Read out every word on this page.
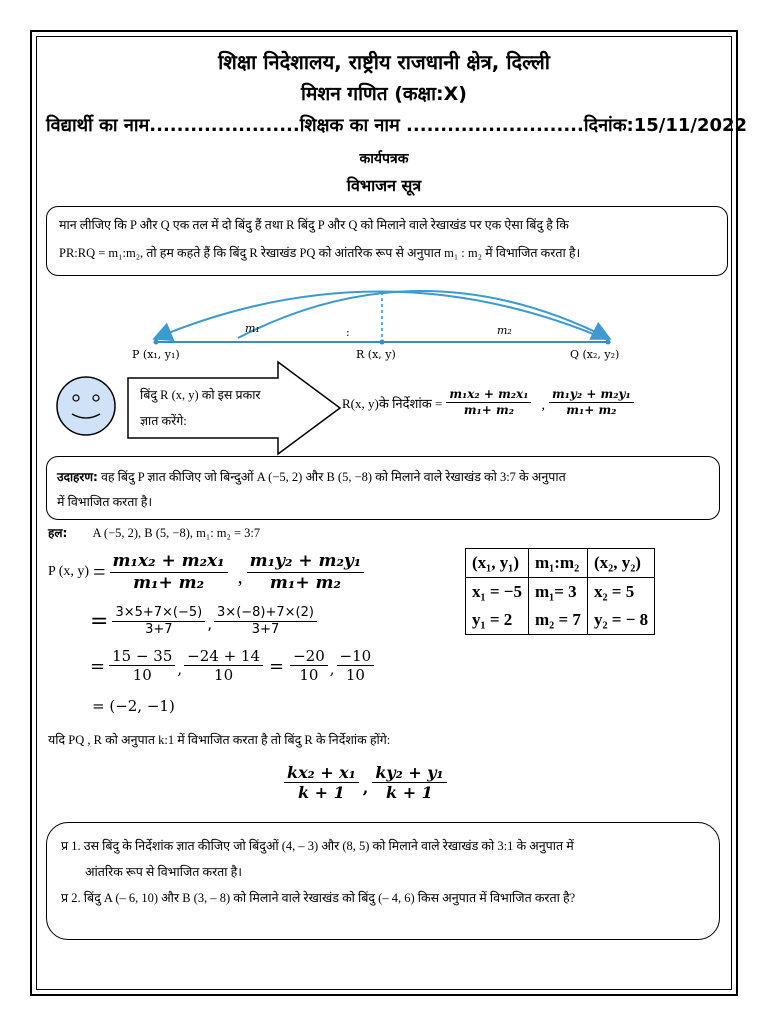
शिक्षा निदेशालय, राष्ट्रीय राजधानी क्षेत्र, दिल्ली
मिशन गणित (कक्षा:X)
विद्यार्थी का नाम...................... शिक्षक का नाम .......................... दिनांक:15/11/2022
कार्यपत्रक
विभाजन सूत्र
मान लीजिए कि P और Q एक तल में दो बिंदु हैं तथा R बिंदु P और Q को मिलाने वाले रेखाखंड पर एक ऐसा बिंदु है कि
PR:RQ = m₁:m₂, तो हम कहते हैं कि बिंदु R रेखाखंड PQ को आंतरिक रूप से अनुपात m₁ : m₂ में विभाजित करता है।
m₁	:	m₂
P (x₁, y₁)	R (x, y)	Q (x₂, y₂)
बिंदु R (x, y) को इस प्रकार
ज्ञात करेंगे:
R(x, y)के निर्देशांक = $\frac{\text{m₁x₂ + m₂x₁}}{\text{m₁+ m₂}}$ , $\frac{\text{m₁y₂ + m₂y₁}}{\text{m₁+ m₂}}$
उदाहरण: वह बिंदु P ज्ञात कीजिए जो बिन्दुओं A (−5, 2) और B (5, −8) को मिलाने वाले रेखाखंड को 3:7 के अनुपात
में विभाजित करता है।
हल: A (−5, 2), B (5, −8), m₁: m₂ = 3:7
P (x, $y) = \frac{\text{m₁x₂ + m₂x₁}}{\text{m₁+ m₂}}$ , $\frac{\text{m₁y₂ + m₂y₁}}{\text{m₁+ m₂}}$
= $\frac{3\times 5+7\times(-5)}{3+7}$ , $\frac{3\times(-8)+7\times(2)}{3+7}$
= $\frac{15 - 35}{10}$ , $\frac{-24 + 14}{10} = \frac{-20}{10}$ , $\frac{-10}{10}$
= (−2, −1)
(x₁, y₁)	m₁:m₂	(x₂, y₂)
x₁ = −5	m₁= 3	x₂ = 5
y₁ = 2	m₂ = 7	y₂ = − 8
यदि PQ , R को अनुपात k:1 में विभाजित करता है तो बिंदु R के निर्देशांक होंगे:
$\frac{\text{kx₂ + x₁}}{k + 1}$ , $\frac{\text{ky₂ + y₁}}{k + 1}$
प्र 1. उस बिंदु के निर्देशांक ज्ञात कीजिए जो बिंदुओं (4, – 3) और (8, 5) को मिलाने वाले रेखाखंड को 3:1 के अनुपात में
आंतरिक रूप से विभाजित करता है।
प्र 2. बिंदु A (– 6, 10) और B (3, – 8) को मिलाने वाले रेखाखंड को बिंदु (– 4, 6) किस अनुपात में विभाजित करता है?
